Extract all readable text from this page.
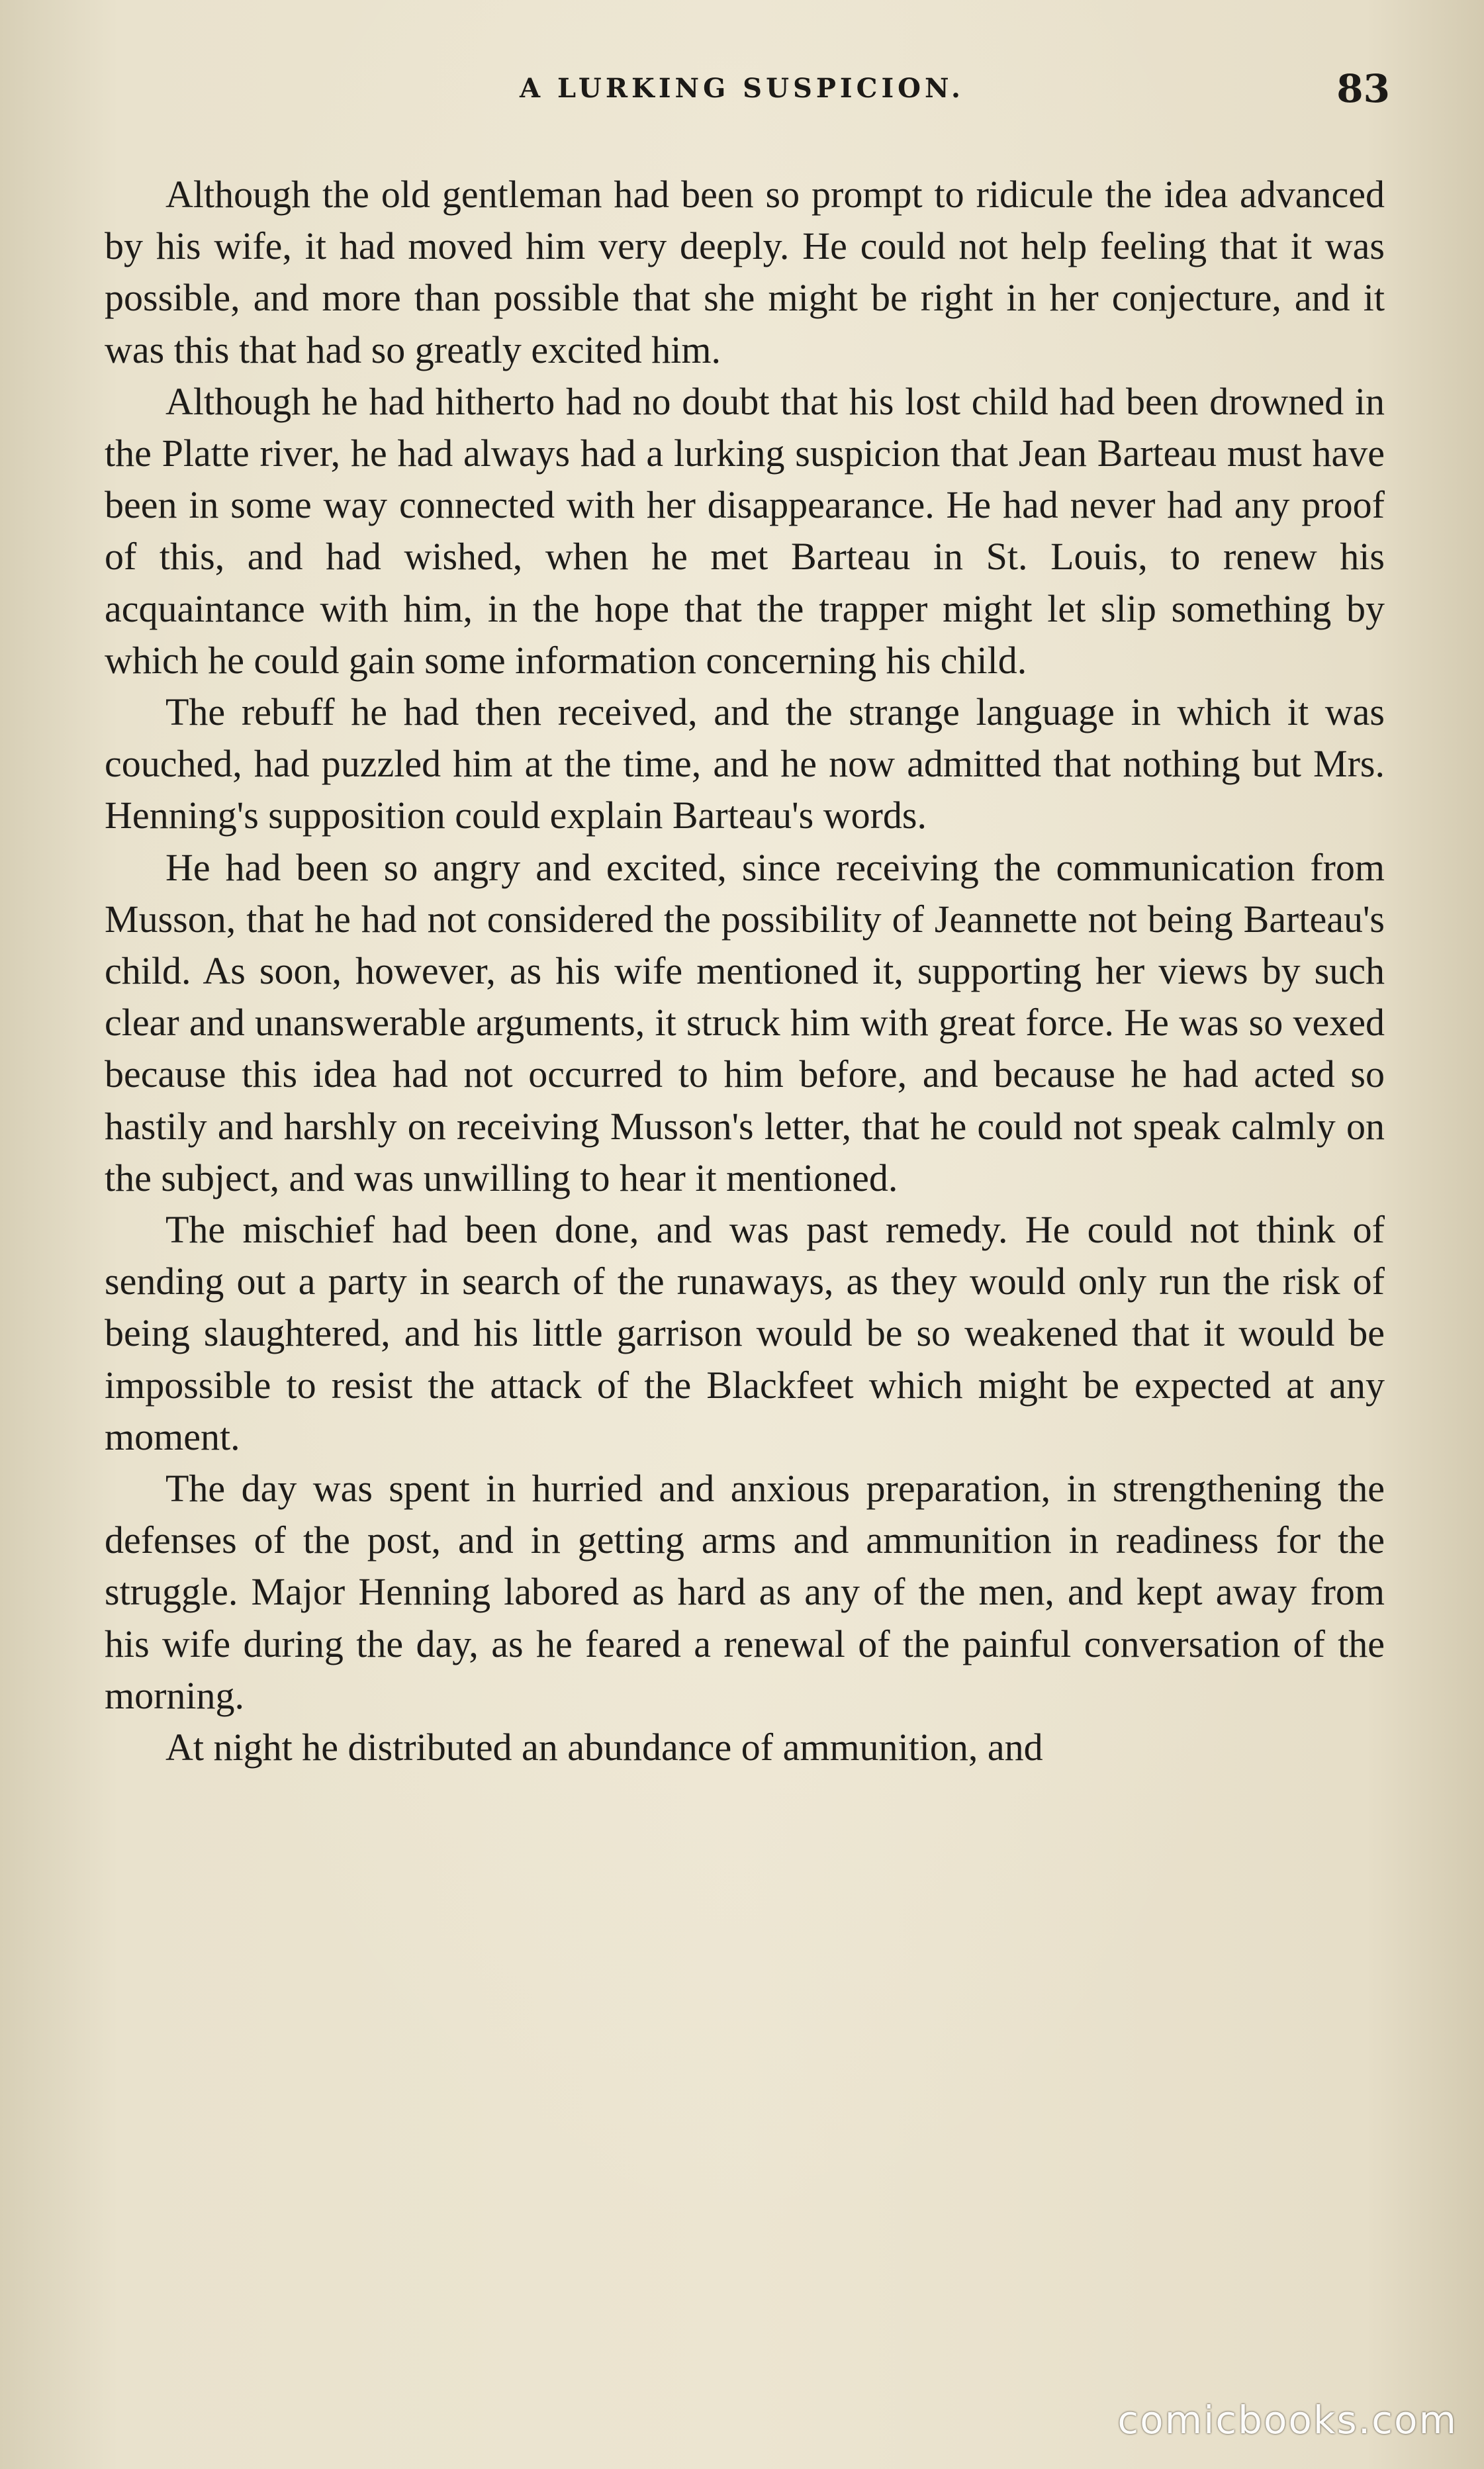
A LURKING SUSPICION.	83

Although the old gentleman had been so prompt to ridicule the idea advanced by his wife, it had moved him very deeply. He could not help feeling that it was possible, and more than possible that she might be right in her conjecture, and it was this that had so greatly excited him.

Although he had hitherto had no doubt that his lost child had been drowned in the Platte river, he had always had a lurking suspicion that Jean Barteau must have been in some way connected with her disappearance. He had never had any proof of this, and had wished, when he met Barteau in St. Louis, to renew his acquaintance with him, in the hope that the trapper might let slip something by which he could gain some information concerning his child.

The rebuff he had then received, and the strange language in which it was couched, had puzzled him at the time, and he now admitted that nothing but Mrs. Henning's supposition could explain Barteau's words.

He had been so angry and excited, since receiving the communication from Musson, that he had not considered the possibility of Jeannette not being Barteau's child. As soon, however, as his wife mentioned it, supporting her views by such clear and unanswerable arguments, it struck him with great force. He was so vexed because this idea had not occurred to him before, and because he had acted so hastily and harshly on receiving Musson's letter, that he could not speak calmly on the subject, and was unwilling to hear it mentioned.

The mischief had been done, and was past remedy. He could not think of sending out a party in search of the runaways, as they would only run the risk of being slaughtered, and his little garrison would be so weakened that it would be impossible to resist the attack of the Blackfeet which might be expected at any moment.

The day was spent in hurried and anxious preparation, in strengthening the defenses of the post, and in getting arms and ammunition in readiness for the struggle. Major Henning labored as hard as any of the men, and kept away from his wife during the day, as he feared a renewal of the painful conversation of the morning.

At night he distributed an abundance of ammunition, and

comicbooks.com
